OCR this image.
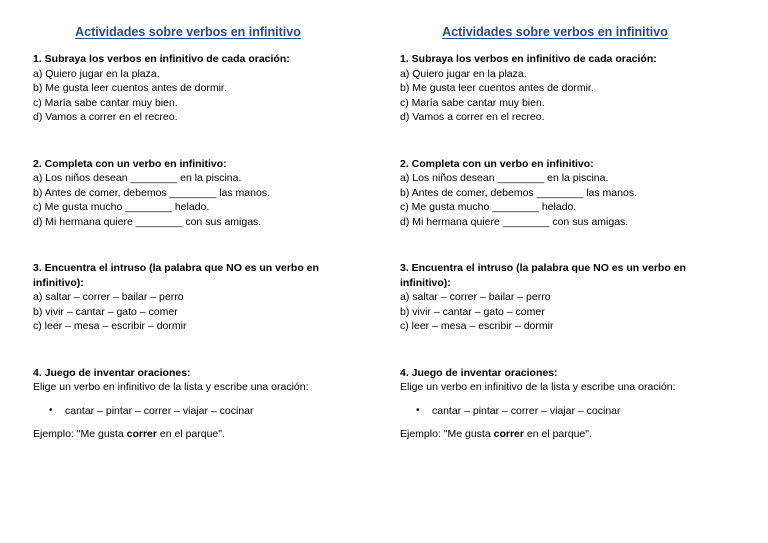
Actividades sobre verbos en infinitivo
1. Subraya los verbos en infinitivo de cada oración:
a) Quiero jugar en la plaza.
b) Me gusta leer cuentos antes de dormir.
c) María sabe cantar muy bien.
d) Vamos a correr en el recreo.
2. Completa con un verbo en infinitivo:
a) Los niños desean ________ en la piscina.
b) Antes de comer, debemos ________ las manos.
c) Me gusta mucho ________ helado.
d) Mi hermana quiere ________ con sus amigas.
3. Encuentra el intruso (la palabra que NO es un verbo en
infinitivo):
a) saltar – correr – bailar – perro
b) vivir – cantar – gato – comer
c) leer – mesa – escribir – dormir
4. Juego de inventar oraciones:
Elige un verbo en infinitivo de la lista y escribe una oración:
•	cantar – pintar – correr – viajar – cocinar
Ejemplo: "Me gusta correr en el parque".
Actividades sobre verbos en infinitivo
1. Subraya los verbos en infinitivo de cada oración:
a) Quiero jugar en la plaza.
b) Me gusta leer cuentos antes de dormir.
c) María sabe cantar muy bien.
d) Vamos a correr en el recreo.
2. Completa con un verbo en infinitivo:
a) Los niños desean ________ en la piscina.
b) Antes de comer, debemos ________ las manos.
c) Me gusta mucho ________ helado.
d) Mi hermana quiere ________ con sus amigas.
3. Encuentra el intruso (la palabra que NO es un verbo en
infinitivo):
a) saltar – correr – bailar – perro
b) vivir – cantar – gato – comer
c) leer – mesa – escribir – dormir
4. Juego de inventar oraciones:
Elige un verbo en infinitivo de la lista y escribe una oración:
•	cantar – pintar – correr – viajar – cocinar
Ejemplo: "Me gusta correr en el parque".
